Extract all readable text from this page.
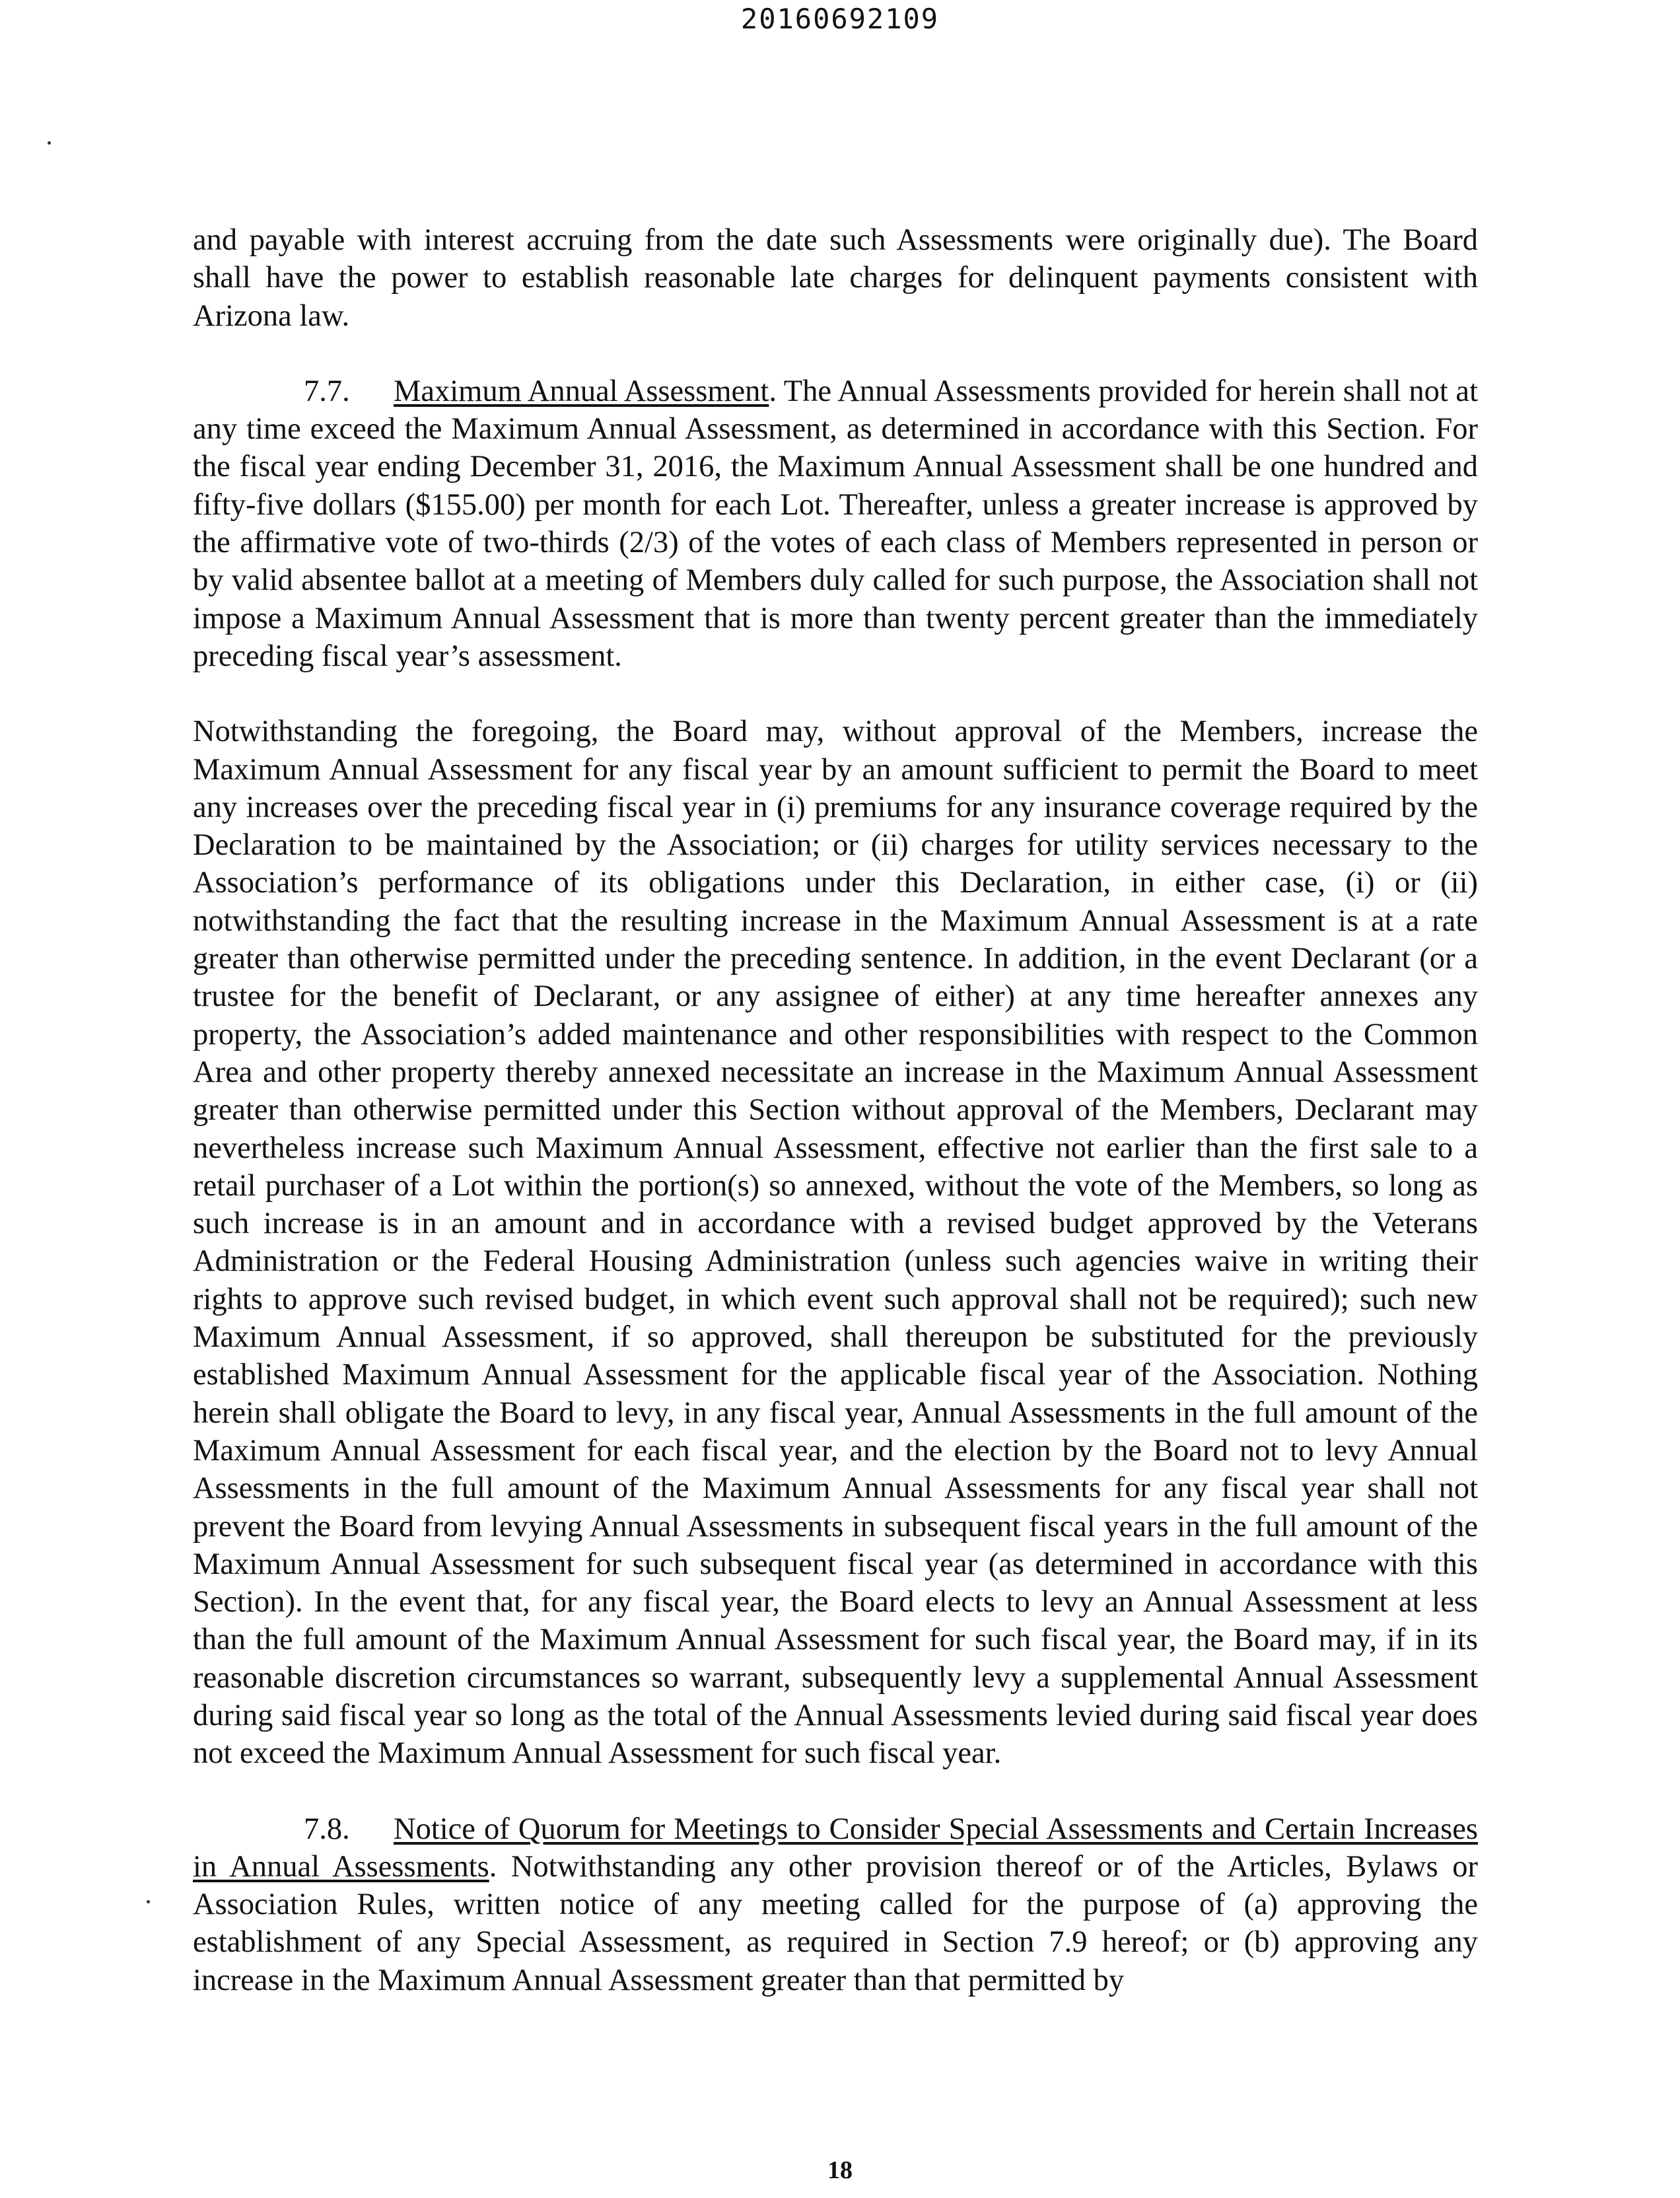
20160692109

and payable with interest accruing from the date such Assessments were originally due). The Board shall have the power to establish reasonable late charges for delinquent payments consistent with Arizona law.

7.7. Maximum Annual Assessment. The Annual Assessments provided for herein shall not at any time exceed the Maximum Annual Assessment, as determined in accordance with this Section. For the fiscal year ending December 31, 2016, the Maximum Annual Assessment shall be one hundred and fifty-five dollars ($155.00) per month for each Lot. Thereafter, unless a greater increase is approved by the affirmative vote of two-thirds (2/3) of the votes of each class of Members represented in person or by valid absentee ballot at a meeting of Members duly called for such purpose, the Association shall not impose a Maximum Annual Assessment that is more than twenty percent greater than the immediately preceding fiscal year’s assessment.

Notwithstanding the foregoing, the Board may, without approval of the Members, increase the Maximum Annual Assessment for any fiscal year by an amount sufficient to permit the Board to meet any increases over the preceding fiscal year in (i) premiums for any insurance coverage required by the Declaration to be maintained by the Association; or (ii) charges for utility services necessary to the Association’s performance of its obligations under this Declaration, in either case, (i) or (ii) notwithstanding the fact that the resulting increase in the Maximum Annual Assessment is at a rate greater than otherwise permitted under the preceding sentence. In addition, in the event Declarant (or a trustee for the benefit of Declarant, or any assignee of either) at any time hereafter annexes any property, the Association’s added maintenance and other responsibilities with respect to the Common Area and other property thereby annexed necessitate an increase in the Maximum Annual Assessment greater than otherwise permitted under this Section without approval of the Members, Declarant may nevertheless increase such Maximum Annual Assessment, effective not earlier than the first sale to a retail purchaser of a Lot within the portion(s) so annexed, without the vote of the Members, so long as such increase is in an amount and in accordance with a revised budget approved by the Veterans Administration or the Federal Housing Administration (unless such agencies waive in writing their rights to approve such revised budget, in which event such approval shall not be required); such new Maximum Annual Assessment, if so approved, shall thereupon be substituted for the previously established Maximum Annual Assessment for the applicable fiscal year of the Association. Nothing herein shall obligate the Board to levy, in any fiscal year, Annual Assessments in the full amount of the Maximum Annual Assessment for each fiscal year, and the election by the Board not to levy Annual Assessments in the full amount of the Maximum Annual Assessments for any fiscal year shall not prevent the Board from levying Annual Assessments in subsequent fiscal years in the full amount of the Maximum Annual Assessment for such subsequent fiscal year (as determined in accordance with this Section). In the event that, for any fiscal year, the Board elects to levy an Annual Assessment at less than the full amount of the Maximum Annual Assessment for such fiscal year, the Board may, if in its reasonable discretion circumstances so warrant, subsequently levy a supplemental Annual Assessment during said fiscal year so long as the total of the Annual Assessments levied during said fiscal year does not exceed the Maximum Annual Assessment for such fiscal year.

7.8. Notice of Quorum for Meetings to Consider Special Assessments and Certain Increases in Annual Assessments. Notwithstanding any other provision thereof or of the Articles, Bylaws or Association Rules, written notice of any meeting called for the purpose of (a) approving the establishment of any Special Assessment, as required in Section 7.9 hereof; or (b) approving any increase in the Maximum Annual Assessment greater than that permitted by

18
